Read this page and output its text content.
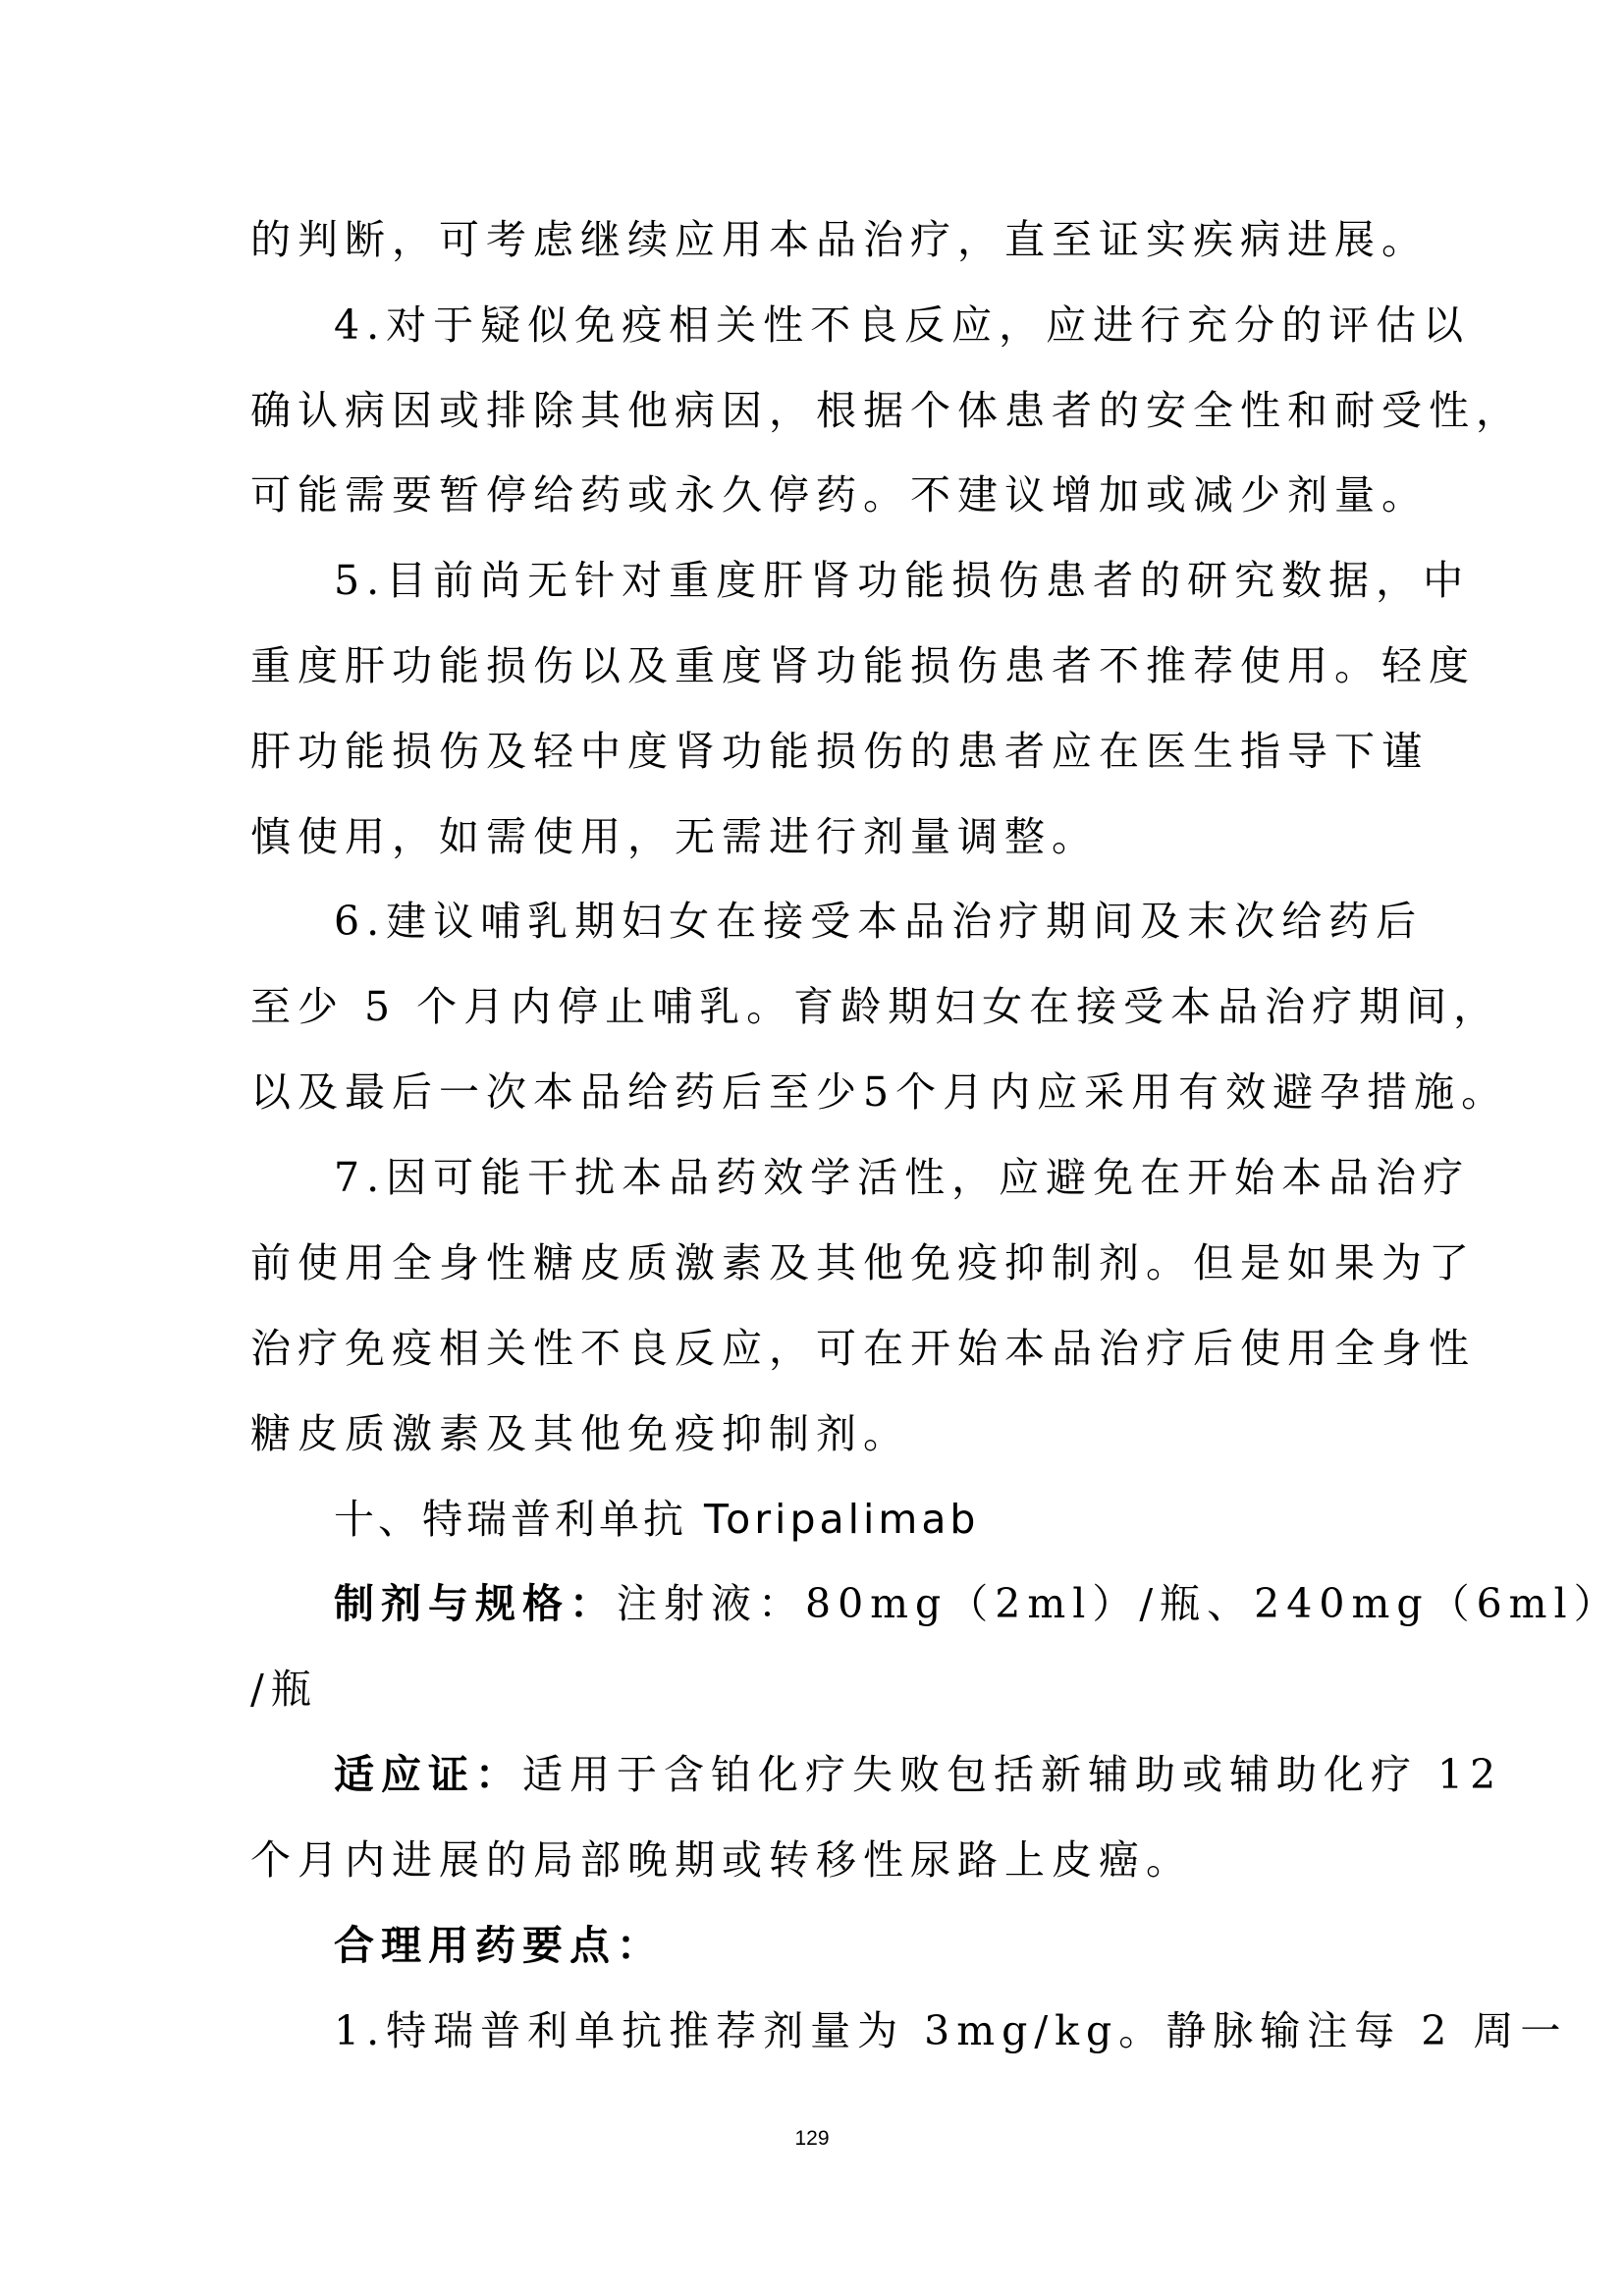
的判断，可考虑继续应用本品治疗，直至证实疾病进展。
4.对于疑似免疫相关性不良反应，应进行充分的评估以
确认病因或排除其他病因，根据个体患者的安全性和耐受性，
可能需要暂停给药或永久停药。不建议增加或减少剂量。
5.目前尚无针对重度肝肾功能损伤患者的研究数据，中
重度肝功能损伤以及重度肾功能损伤患者不推荐使用。轻度
肝功能损伤及轻中度肾功能损伤的患者应在医生指导下谨
慎使用，如需使用，无需进行剂量调整。
6.建议哺乳期妇女在接受本品治疗期间及末次给药后
至少 5 个月内停止哺乳。育龄期妇女在接受本品治疗期间，
以及最后一次本品给药后至少5个月内应采用有效避孕措施。
7.因可能干扰本品药效学活性，应避免在开始本品治疗
前使用全身性糖皮质激素及其他免疫抑制剂。但是如果为了
治疗免疫相关性不良反应，可在开始本品治疗后使用全身性
糖皮质激素及其他免疫抑制剂。
十、特瑞普利单抗 Toripalimab
制剂与规格：注射液：80mg（2ml）/瓶、240mg（6ml）
/瓶
适应证：适用于含铂化疗失败包括新辅助或辅助化疗 12
个月内进展的局部晚期或转移性尿路上皮癌。
合理用药要点：
1.特瑞普利单抗推荐剂量为 3mg/kg。静脉输注每 2 周一
129
